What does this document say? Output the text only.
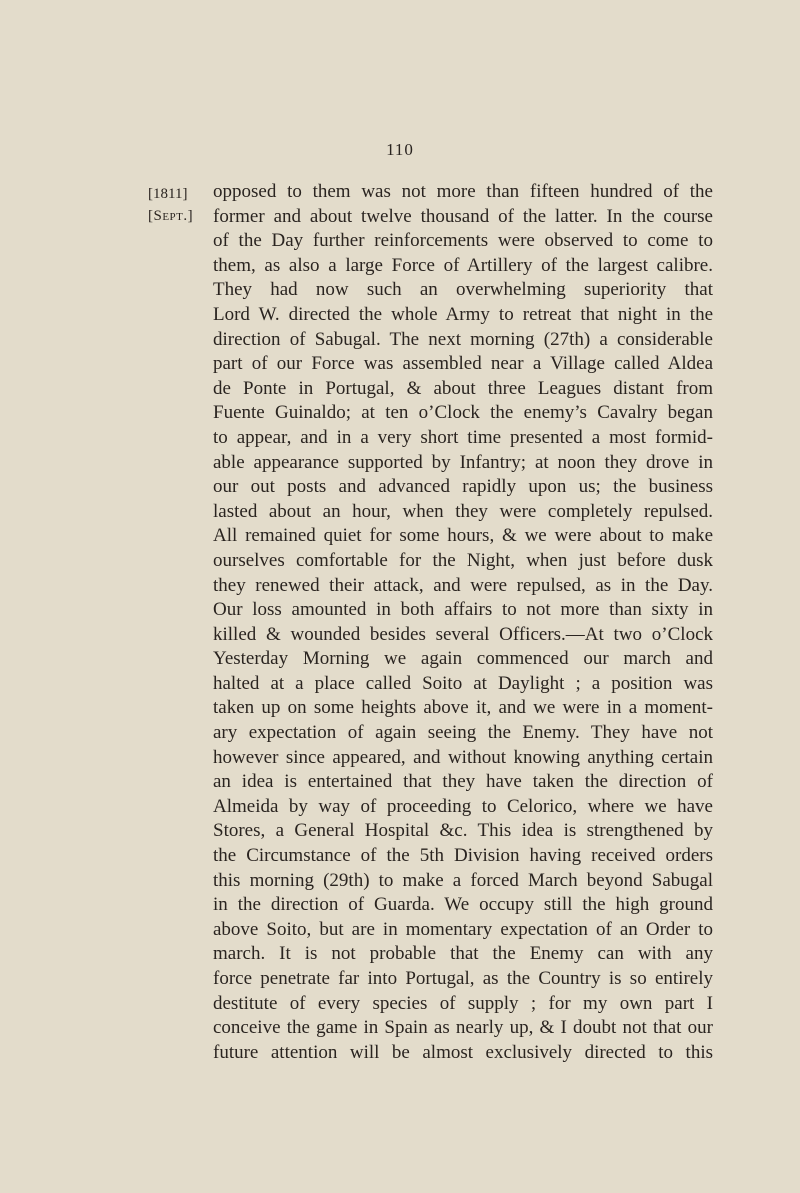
110
[1811]
[Sept.]
opposed to them was not more than fifteen hundred of the
former and about twelve thousand of the latter. In the course
of the Day further reinforcements were observed to come to
them, as also a large Force of Artillery of the largest calibre.
They had now such an overwhelming superiority that
Lord W. directed the whole Army to retreat that night in the
direction of Sabugal. The next morning (27th) a considerable
part of our Force was assembled near a Village called Aldea
de Ponte in Portugal, & about three Leagues distant from
Fuente Guinaldo; at ten o’Clock the enemy’s Cavalry began
to appear, and in a very short time presented a most formid-
able appearance supported by Infantry; at noon they drove in
our out posts and advanced rapidly upon us; the business
lasted about an hour, when they were completely repulsed.
All remained quiet for some hours, & we were about to make
ourselves comfortable for the Night, when just before dusk
they renewed their attack, and were repulsed, as in the Day.
Our loss amounted in both affairs to not more than sixty in
killed & wounded besides several Officers.—At two o’Clock
Yesterday Morning we again commenced our march and
halted at a place called Soito at Daylight ; a position was
taken up on some heights above it, and we were in a moment-
ary expectation of again seeing the Enemy. They have not
however since appeared, and without knowing anything certain
an idea is entertained that they have taken the direction of
Almeida by way of proceeding to Celorico, where we have
Stores, a General Hospital &c. This idea is strengthened by
the Circumstance of the 5th Division having received orders
this morning (29th) to make a forced March beyond Sabugal
in the direction of Guarda. We occupy still the high ground
above Soito, but are in momentary expectation of an Order to
march. It is not probable that the Enemy can with any
force penetrate far into Portugal, as the Country is so entirely
destitute of every species of supply ; for my own part I
conceive the game in Spain as nearly up, & I doubt not that our
future attention will be almost exclusively directed to this
